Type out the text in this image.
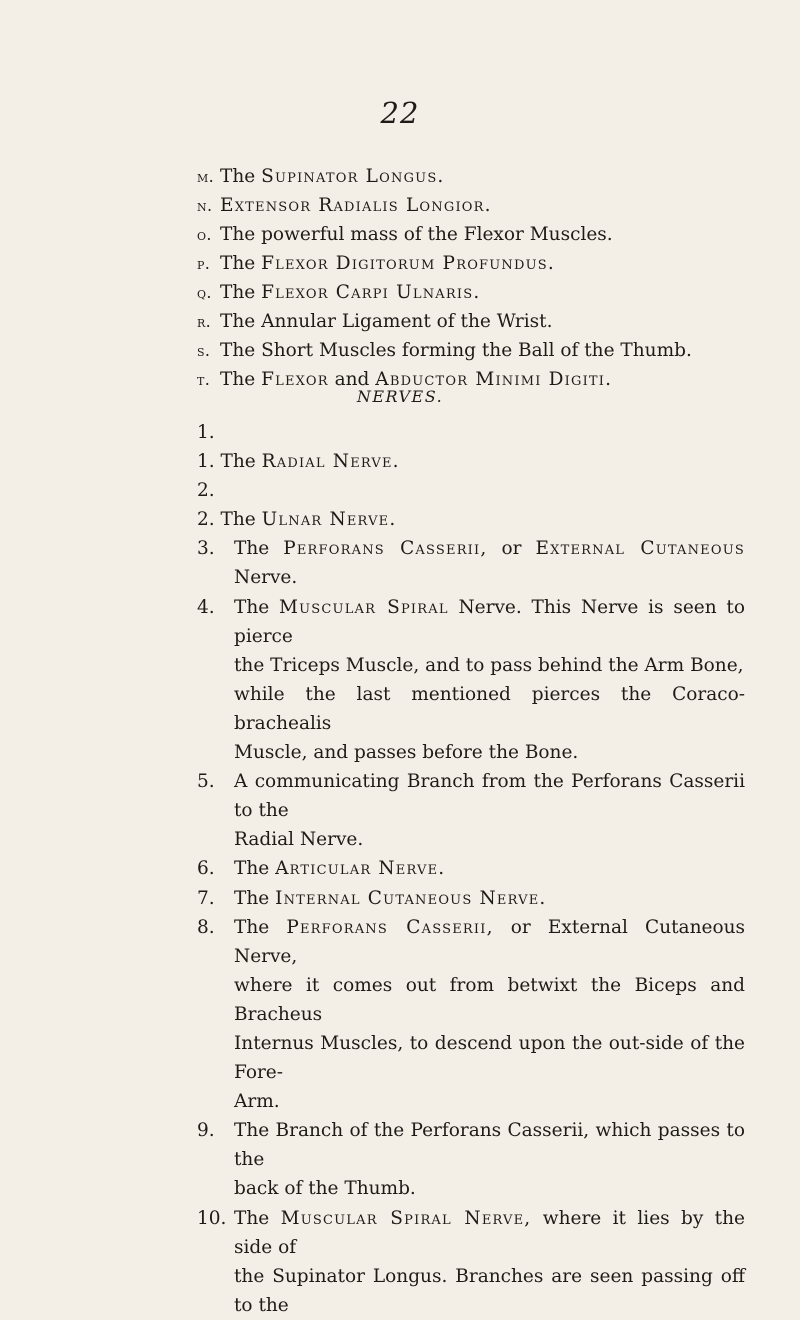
22
m. The Supinator Longus.
n. Extensor Radialis Longior.
o. The powerful mass of the Flexor Muscles.
p. The Flexor Digitorum Profundus.
q. The Flexor Carpi Ulnaris.
r. The Annular Ligament of the Wrist.
s. The Short Muscles forming the Ball of the Thumb.
t. The Flexor and Abductor Minimi Digiti.
NERVES.
1.
1. The Radial Nerve.
2.
2. The Ulnar Nerve.
3. The Perforans Casserii, or External Cutaneous Nerve.
4. The Muscular Spiral Nerve. This Nerve is seen to pierce
the Triceps Muscle, and to pass behind the Arm Bone,
while the last mentioned pierces the Coraco-brachealis
Muscle, and passes before the Bone.
5. A communicating Branch from the Perforans Casserii to the
Radial Nerve.
6. The Articular Nerve.
7. The Internal Cutaneous Nerve.
8. The Perforans Casserii, or External Cutaneous Nerve,
where it comes out from betwixt the Biceps and Bracheus
Internus Muscles, to descend upon the out-side of the Fore-
Arm.
9. The Branch of the Perforans Casserii, which passes to the
back of the Thumb.
10. The Muscular Spiral Nerve, where it lies by the side of
the Supinator Longus. Branches are seen passing off to the
